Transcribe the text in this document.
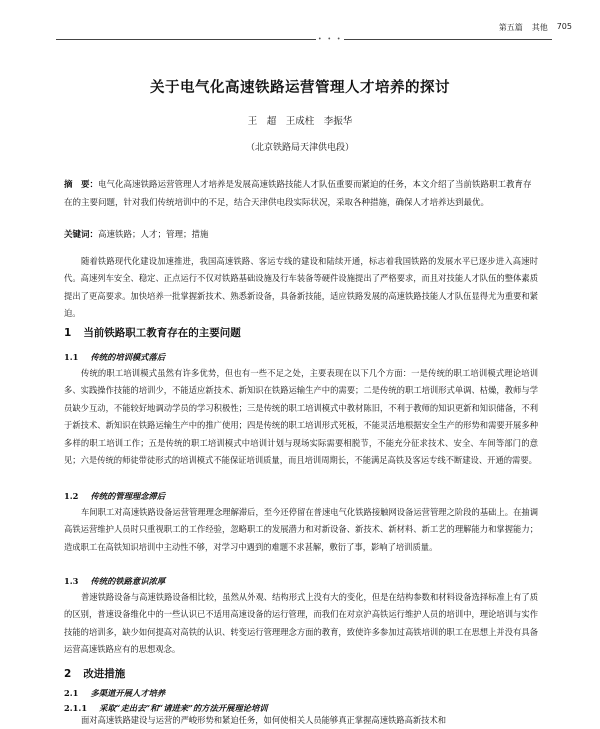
第五篇 其他 705
• • •
关于电气化高速铁路运营管理人才培养的探讨
王　超　王成柱　李振华
（北京铁路局天津供电段）

摘　要：电气化高速铁路运营管理人才培养是发展高速铁路技能人才队伍重要而紧迫的任务，本文介绍了当前铁路职工教育存在的主要问题，针对我们传统培训中的不足，结合天津供电段实际状况，采取各种措施，确保人才培养达到最优。

关键词：高速铁路；人才；管理；措施

随着铁路现代化建设加速推进，我国高速铁路、客运专线的建设和陆续开通，标志着我国铁路的发展水平已逐步进入高速时代。高速列车安全、稳定、正点运行不仅对铁路基础设施及行车装备等硬件设施提出了严格要求，而且对技能人才队伍的整体素质提出了更高要求。加快培养一批掌握新技术、熟悉新设备，具备新技能，适应铁路发展的高速铁路技能人才队伍显得尤为重要和紧迫。

1 当前铁路职工教育存在的主要问题
1.1 传统的培训模式落后

传统的职工培训模式虽然有许多优势，但也有一些不足之处，主要表现在以下几个方面：一是传统的职工培训模式理论培训多、实践操作技能的培训少，不能适应新技术、新知识在铁路运输生产中的需要；二是传统的职工培训形式单调、枯燥，教师与学员缺少互动，不能较好地调动学员的学习积极性；三是传统的职工培训模式中教材陈旧，不利于教师的知识更新和知识储备，不利于新技术、新知识在铁路运输生产中的推广使用；四是传统的职工培训形式死板，不能灵活地根据安全生产的形势和需要开展多种多样的职工培训工作；五是传统的职工培训模式中培训计划与现场实际需要相脱节，不能充分征求技术、安全、车间等部门的意见；六是传统的师徒带徒形式的培训模式不能保证培训质量，而且培训周期长，不能满足高铁及客运专线不断建设、开通的需要。

1.2 传统的管理理念滞后

车间职工对高速铁路设备运营管理理念理解滞后，至今还停留在普速电气化铁路接触网设备运营管理之阶段的基础上。在抽调高铁运营维护人员时只重视职工的工作经验，忽略职工的发展潜力和对新设备、新技术、新材料、新工艺的理解能力和掌握能力；造成职工在高铁知识培训中主动性不够，对学习中遇到的难题不求甚解，敷衍了事，影响了培训质量。

1.3 传统的铁路意识浓厚

普速铁路设备与高速铁路设备相比较，虽然从外观、结构形式上没有大的变化，但是在结构参数和材料设备选择标准上有了质的区别，普速设备维化中的一些认识已不适用高速设备的运行管理，而我们在对京沪高铁运行维护人员的培训中，理论培训与实作技能的培训多，缺少如何提高对高铁的认识、转变运行管理理念方面的教育，致使许多参加过高铁培训的职工在思想上并没有具备运营高速铁路应有的思想观念。

2 改进措施
2.1 多渠道开展人才培养
2.1.1 采取“走出去”和“请进来”的方法开展理论培训

面对高速铁路建设与运营的严峻形势和紧迫任务，如何使相关人员能够真正掌握高速铁路高新技术和
